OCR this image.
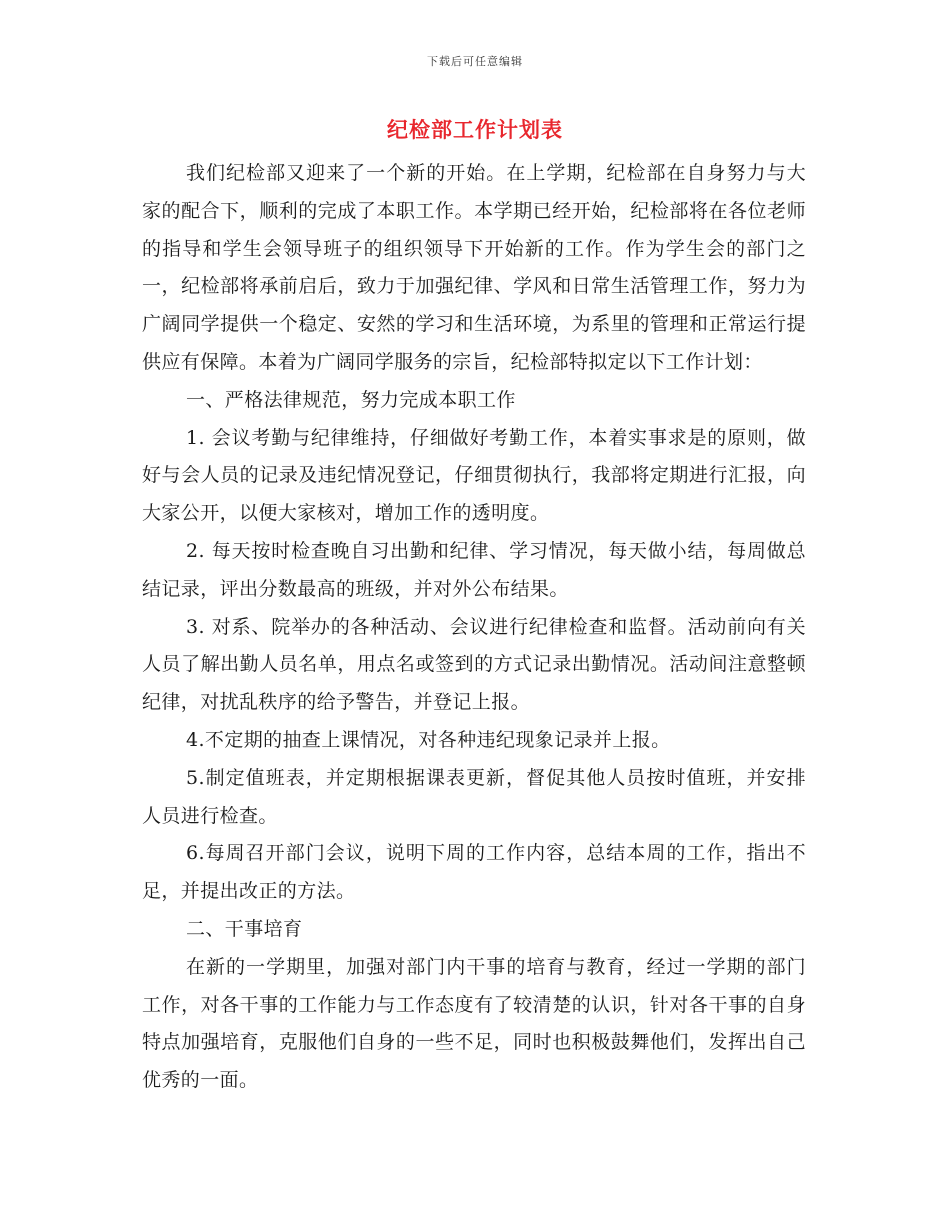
下载后可任意编辑
纪检部工作计划表

我们纪检部又迎来了一个新的开始。在上学期，纪检部在自身努力与大家的配合下，顺利的完成了本职工作。本学期已经开始，纪检部将在各位老师的指导和学生会领导班子的组织领导下开始新的工作。作为学生会的部门之一，纪检部将承前启后，致力于加强纪律、学风和日常生活管理工作，努力为广阔同学提供一个稳定、安然的学习和生活环境，为系里的管理和正常运行提供应有保障。本着为广阔同学服务的宗旨，纪检部特拟定以下工作计划：

一、严格法律规范，努力完成本职工作

1. 会议考勤与纪律维持，仔细做好考勤工作，本着实事求是的原则，做好与会人员的记录及违纪情况登记，仔细贯彻执行，我部将定期进行汇报，向大家公开，以便大家核对，增加工作的透明度。

2. 每天按时检查晚自习出勤和纪律、学习情况，每天做小结，每周做总结记录，评出分数最高的班级，并对外公布结果。

3. 对系、院举办的各种活动、会议进行纪律检查和监督。活动前向有关人员了解出勤人员名单，用点名或签到的方式记录出勤情况。活动间注意整顿纪律，对扰乱秩序的给予警告，并登记上报。

4.不定期的抽查上课情况，对各种违纪现象记录并上报。

5.制定值班表，并定期根据课表更新，督促其他人员按时值班，并安排人员进行检查。

6.每周召开部门会议，说明下周的工作内容，总结本周的工作，指出不足，并提出改正的方法。

二、干事培育

在新的一学期里，加强对部门内干事的培育与教育，经过一学期的部门工作，对各干事的工作能力与工作态度有了较清楚的认识，针对各干事的自身特点加强培育，克服他们自身的一些不足，同时也积极鼓舞他们，发挥出自己优秀的一面。
